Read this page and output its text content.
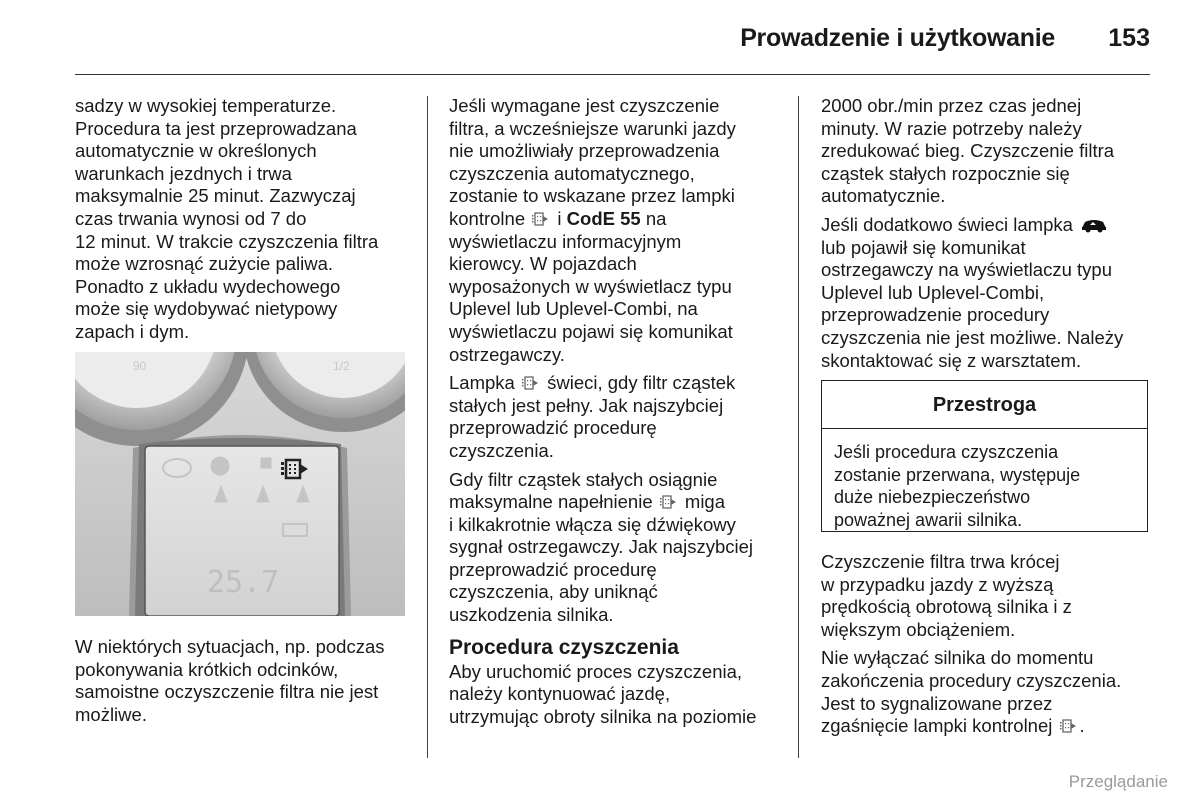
Prowadzenie i użytkowanie 153

sadzy w wysokiej temperaturze.
Procedura ta jest przeprowadzana
automatycznie w określonych
warunkach jezdnych i trwa
maksymalnie 25 minut. Zazwyczaj
czas trwania wynosi od 7 do
12 minut. W trakcie czyszczenia filtra
może wzrosnąć zużycie paliwa.
Ponadto z układu wydechowego
może się wydobywać nietypowy
zapach i dym.

90	1/2
25.7

W niektórych sytuacjach, np. podczas
pokonywania krótkich odcinków,
samoistne oczyszczenie filtra nie jest
możliwe.

Jeśli wymagane jest czyszczenie
filtra, a wcześniejsze warunki jazdy
nie umożliwiały przeprowadzenia
czyszczenia automatycznego,
zostanie to wskazane przez lampki
kontrolne i CodE 55 na
wyświetlaczu informacyjnym
kierowcy. W pojazdach
wyposażonych w wyświetlacz typu
Uplevel lub Uplevel-Combi, na
wyświetlaczu pojawi się komunikat
ostrzegawczy.

Lampka świeci, gdy filtr cząstek
stałych jest pełny. Jak najszybciej
przeprowadzić procedurę
czyszczenia.

Gdy filtr cząstek stałych osiągnie
maksymalne napełnienie miga
i kilkakrotnie włącza się dźwiękowy
sygnał ostrzegawczy. Jak najszybciej
przeprowadzić procedurę
czyszczenia, aby uniknąć
uszkodzenia silnika.

Procedura czyszczenia

Aby uruchomić proces czyszczenia,
należy kontynuować jazdę,
utrzymując obroty silnika na poziomie

2000 obr./min przez czas jednej
minuty. W razie potrzeby należy
zredukować bieg. Czyszczenie filtra
cząstek stałych rozpocznie się
automatycznie.

Jeśli dodatkowo świeci lampka
lub pojawił się komunikat
ostrzegawczy na wyświetlaczu typu
Uplevel lub Uplevel-Combi,
przeprowadzenie procedury
czyszczenia nie jest możliwe. Należy
skontaktować się z warsztatem.

Przestroga
Jeśli procedura czyszczenia
zostanie przerwana, występuje
duże niebezpieczeństwo
poważnej awarii silnika.

Czyszczenie filtra trwa krócej
w przypadku jazdy z wyższą
prędkością obrotową silnika i z
większym obciążeniem.

Nie wyłączać silnika do momentu
zakończenia procedury czyszczenia.
Jest to sygnalizowane przez
zgaśnięcie lampki kontrolnej .

Przeglądanie
